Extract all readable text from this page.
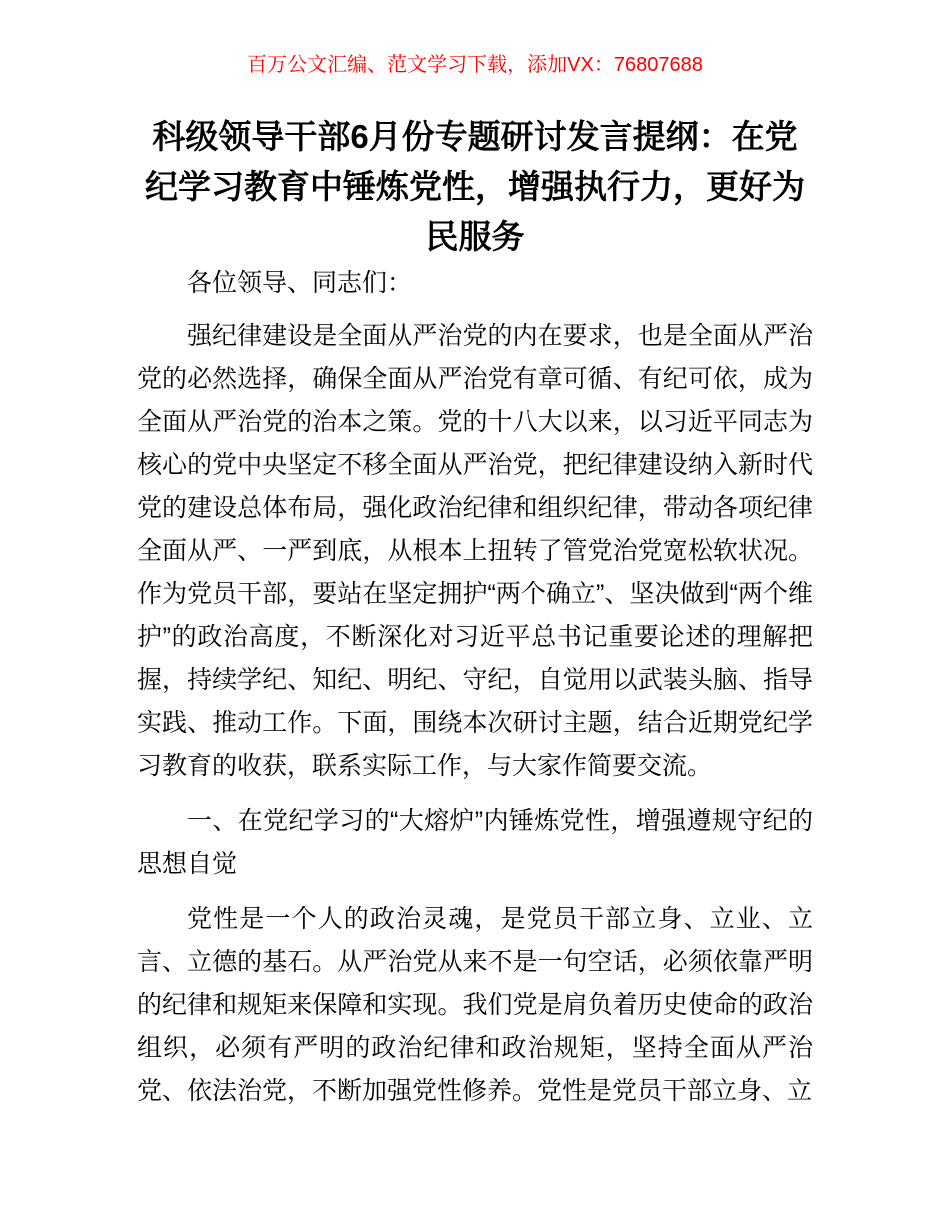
百万公文汇编、范文学习下载，添加VX：76807688
科级领导干部6月份专题研讨发言提纲：在党纪学习教育中锤炼党性，增强执行力，更好为民服务

各位领导、同志们：

强纪律建设是全面从严治党的内在要求，也是全面从严治党的必然选择，确保全面从严治党有章可循、有纪可依，成为全面从严治党的治本之策。党的十八大以来，以习近平同志为核心的党中央坚定不移全面从严治党，把纪律建设纳入新时代党的建设总体布局，强化政治纪律和组织纪律，带动各项纪律全面从严、一严到底，从根本上扭转了管党治党宽松软状况。作为党员干部，要站在坚定拥护“两个确立”、坚决做到“两个维护”的政治高度，不断深化对习近平总书记重要论述的理解把握，持续学纪、知纪、明纪、守纪，自觉用以武装头脑、指导实践、推动工作。下面，围绕本次研讨主题，结合近期党纪学习教育的收获，联系实际工作，与大家作简要交流。

一、在党纪学习的“大熔炉”内锤炼党性，增强遵规守纪的思想自觉

党性是一个人的政治灵魂，是党员干部立身、立业、立言、立德的基石。从严治党从来不是一句空话，必须依靠严明的纪律和规矩来保障和实现。我们党是肩负着历史使命的政治组织，必须有严明的政治纪律和政治规矩，坚持全面从严治党、依法治党，不断加强党性修养。党性是党员干部立身、立
